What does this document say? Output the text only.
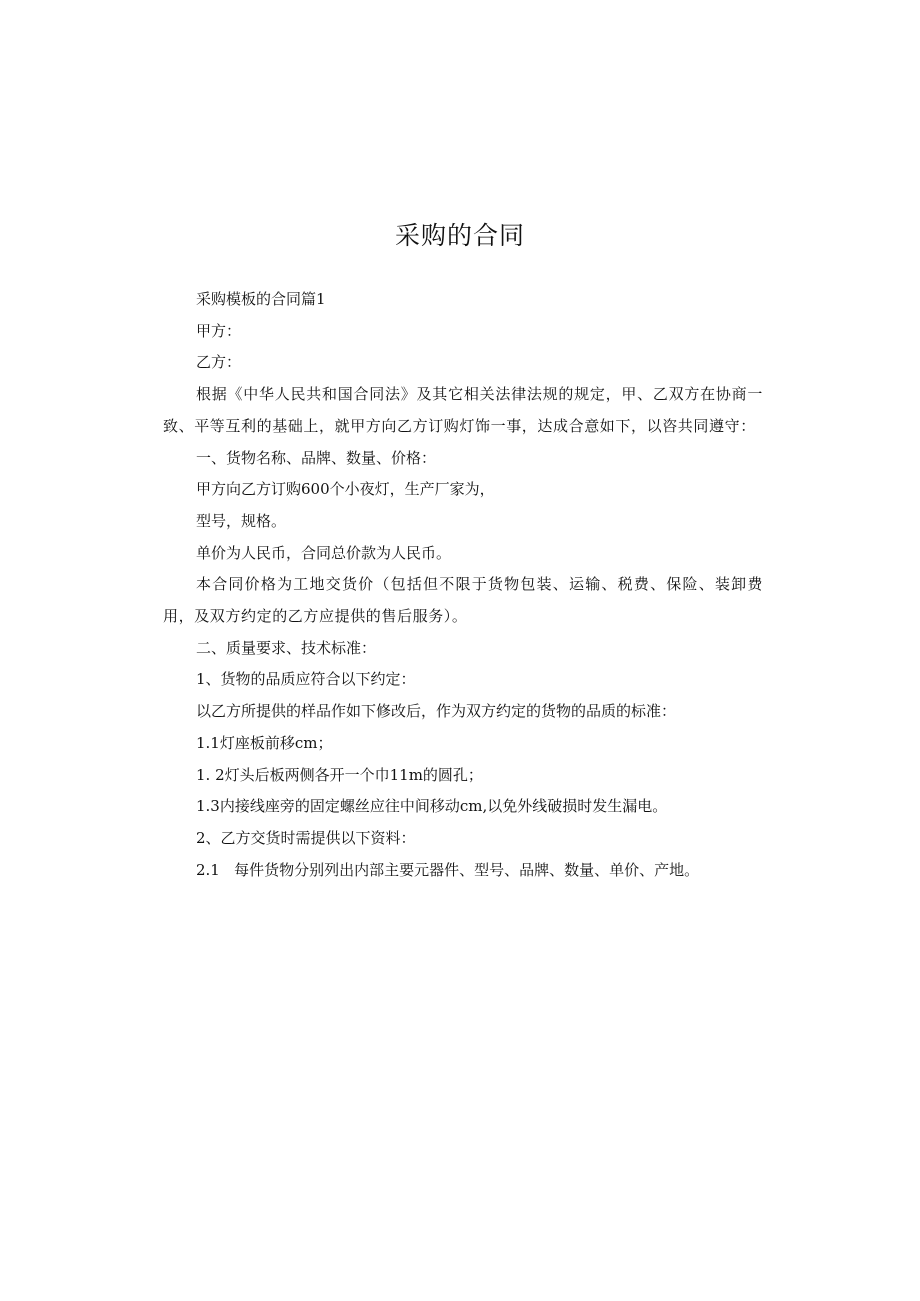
采购的合同

采购模板的合同篇1

甲方：

乙方：

根据《中华人民共和国合同法》及其它相关法律法规的规定，甲、乙双方在协商一致、平等互利的基础上，就甲方向乙方订购灯饰一事，达成合意如下，以咨共同遵守：

一、货物名称、品牌、数量、价格：

甲方向乙方订购600个小夜灯，生产厂家为，

型号，规格。

单价为人民币，合同总价款为人民币。

本合同价格为工地交货价（包括但不限于货物包装、运输、税费、保险、装卸费用，及双方约定的乙方应提供的售后服务）。

二、质量要求、技术标准：

1、货物的品质应符合以下约定：

以乙方所提供的样品作如下修改后，作为双方约定的货物的品质的标准：

1.1灯座板前移cm；

1. 2灯头后板两侧各开一个巾11m的圆孔；

1.3内接线座旁的固定螺丝应往中间移动cm,以免外线破损时发生漏电。

2、乙方交货时需提供以下资料：

2.1   每件货物分别列出内部主要元器件、型号、品牌、数量、单价、产地。
